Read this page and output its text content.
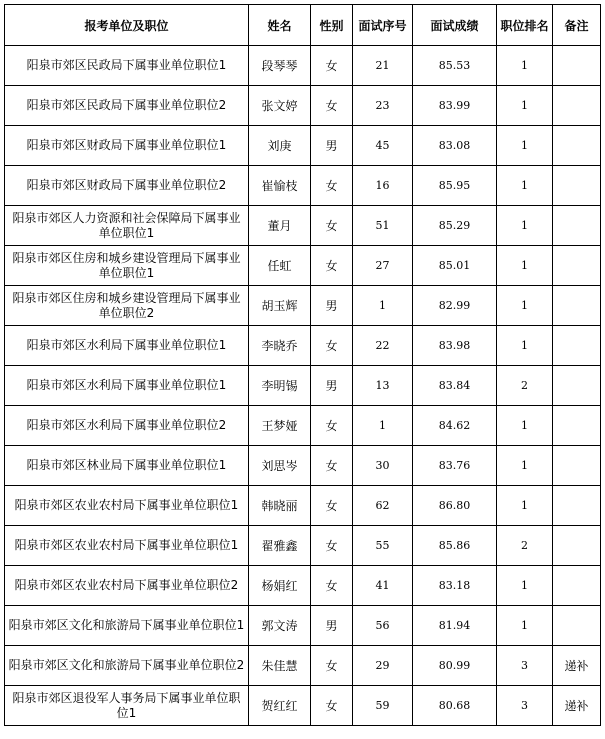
报考单位及职位	姓名	性别	面试序号	面试成绩	职位排名	备注
阳泉市郊区民政局下属事业单位职位1	段琴琴	女	21	85.53	1	
阳泉市郊区民政局下属事业单位职位2	张文婷	女	23	83.99	1	
阳泉市郊区财政局下属事业单位职位1	刘庚	男	45	83.08	1	
阳泉市郊区财政局下属事业单位职位2	崔愉枝	女	16	85.95	1	
阳泉市郊区人力资源和社会保障局下属事业单位职位1	董月	女	51	85.29	1	
阳泉市郊区住房和城乡建设管理局下属事业单位职位1	任虹	女	27	85.01	1	
阳泉市郊区住房和城乡建设管理局下属事业单位职位2	胡玉辉	男	1	82.99	1	
阳泉市郊区水利局下属事业单位职位1	李晓乔	女	22	83.98	1	
阳泉市郊区水利局下属事业单位职位1	李明锡	男	13	83.84	2	
阳泉市郊区水利局下属事业单位职位2	王梦娅	女	1	84.62	1	
阳泉市郊区林业局下属事业单位职位1	刘思岑	女	30	83.76	1	
阳泉市郊区农业农村局下属事业单位职位1	韩晓丽	女	62	86.80	1	
阳泉市郊区农业农村局下属事业单位职位1	翟雅鑫	女	55	85.86	2	
阳泉市郊区农业农村局下属事业单位职位2	杨娟红	女	41	83.18	1	
阳泉市郊区文化和旅游局下属事业单位职位1	郭文涛	男	56	81.94	1	
阳泉市郊区文化和旅游局下属事业单位职位2	朱佳慧	女	29	80.99	3	递补
阳泉市郊区退役军人事务局下属事业单位职位1	贺红红	女	59	80.68	3	递补
